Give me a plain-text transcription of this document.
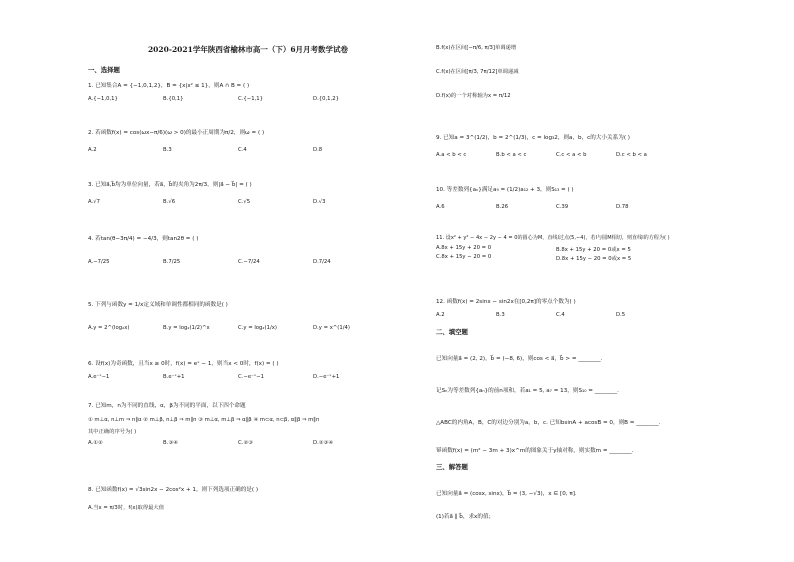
2020-2021学年陕西省榆林市高一（下）6月月考数学试卷
一、选择题
1. 已知集合A = {−1,0,1,2}，B = {x|x² ≤ 1}，则A ∩ B = ( )
A.{−1,0,1}	B.{0,1}	C.{−1,1}	D.{0,1,2}
2. 若函数f(x) = cos(ωx−π/6)(ω > 0)的最小正周期为π/2，则ω = ( )
A.2	B.3	C.4	D.8
3. 已知a⃗,b⃗均为单位向量，若a⃗，b⃗的夹角为2π/3，则|a⃗ − b⃗| = ( )
A.√7	B.√6	C.√5	D.√3
4. 若tan(θ−3π/4) = −4/3，则tan2θ = ( )
A.−7/25	B.7/25	C.−7/24	D.7/24
5. 下列与函数y = 1/x定义域和单调性都相同的函数是( )
A.y = 2^(log₂x)	B.y = log₂(1/2)^x	C.y = log₂(1/x)	D.y = x^(1/4)
6. 设f(x)为奇函数，且当x ≥ 0时，f(x) = eˣ − 1，则当x < 0时，f(x) = ( )
A.e⁻ˣ−1	B.e⁻ˣ+1	C.−e⁻ˣ−1	D.−e⁻ˣ+1
7. 已知m，n为不同的直线，α，β为不同的平面，以下四个命题
① m⊥α, n⊥m ⇒ n∥α ② m⊥β, n⊥β ⇒ m∥n ③ m⊥α, m⊥β ⇒ α∥β ④ m⊂α, n⊂β, α∥β ⇒ m∥n
其中正确的序号为( )
A.①②	B.③④	C.②③	D.②③④
8. 已知函数f(x) = √3sin2x − 2cos²x + 1，则下列选项正确的是( )
A.当x = π/3时，f(x)取得最大值
B.f(x)在区间[−π/6, π/3]单调递增
C.f(x)在区间[π/3, 7π/12]单调递减
D.f(x)的一个对称轴为x = π/12
9. 已知a = 3^(1/2)，b = 2^(1/3)，c = log₃2，则a，b，c的大小关系为( )
A.a < b < c	B.b < a < c	C.c < a < b	D.c < b < a
10. 等差数列{aₙ}满足a₉ = (1/2)a₁₂ + 3，则S₁₃ = ( )
A.6	B.26	C.39	D.78
11. 设x² + y² − 4x − 2y − 4 = 0的圆心为M，直线l过点(5,−4)，若l与圆M相切，则直线l的方程为( )
A.8x + 15y + 20 = 0	B.8x + 15y + 20 = 0或x = 5
C.8x + 15y − 20 = 0	D.8x + 15y − 20 = 0或x = 5
12. 函数f(x) = 2sinx − sin2x在[0,2π]的零点个数为( )
A.2	B.3	C.4	D.5
二、填空题
已知向量a⃗ = (2, 2)，b⃗ = (−8, 6)，则cos < a⃗，b⃗ > = ________.
记Sₙ为等差数列{aₙ}的前n项和，若a₁ = 5, a₇ = 13，则S₁₀ = ________.
△ABC的内角A，B，C的对边分别为a，b，c. 已知bsinA + acosB = 0，则B = ________.
幂函数f(x) = (m² − 3m + 3)x^m的图象关于y轴对称，则实数m = ________.
三、解答题
已知向量a⃗ = (cosx, sinx)，b⃗ = (3, −√3)，x ∈ [0, π].
(1)若a⃗ ∥ b⃗，求x的值；
